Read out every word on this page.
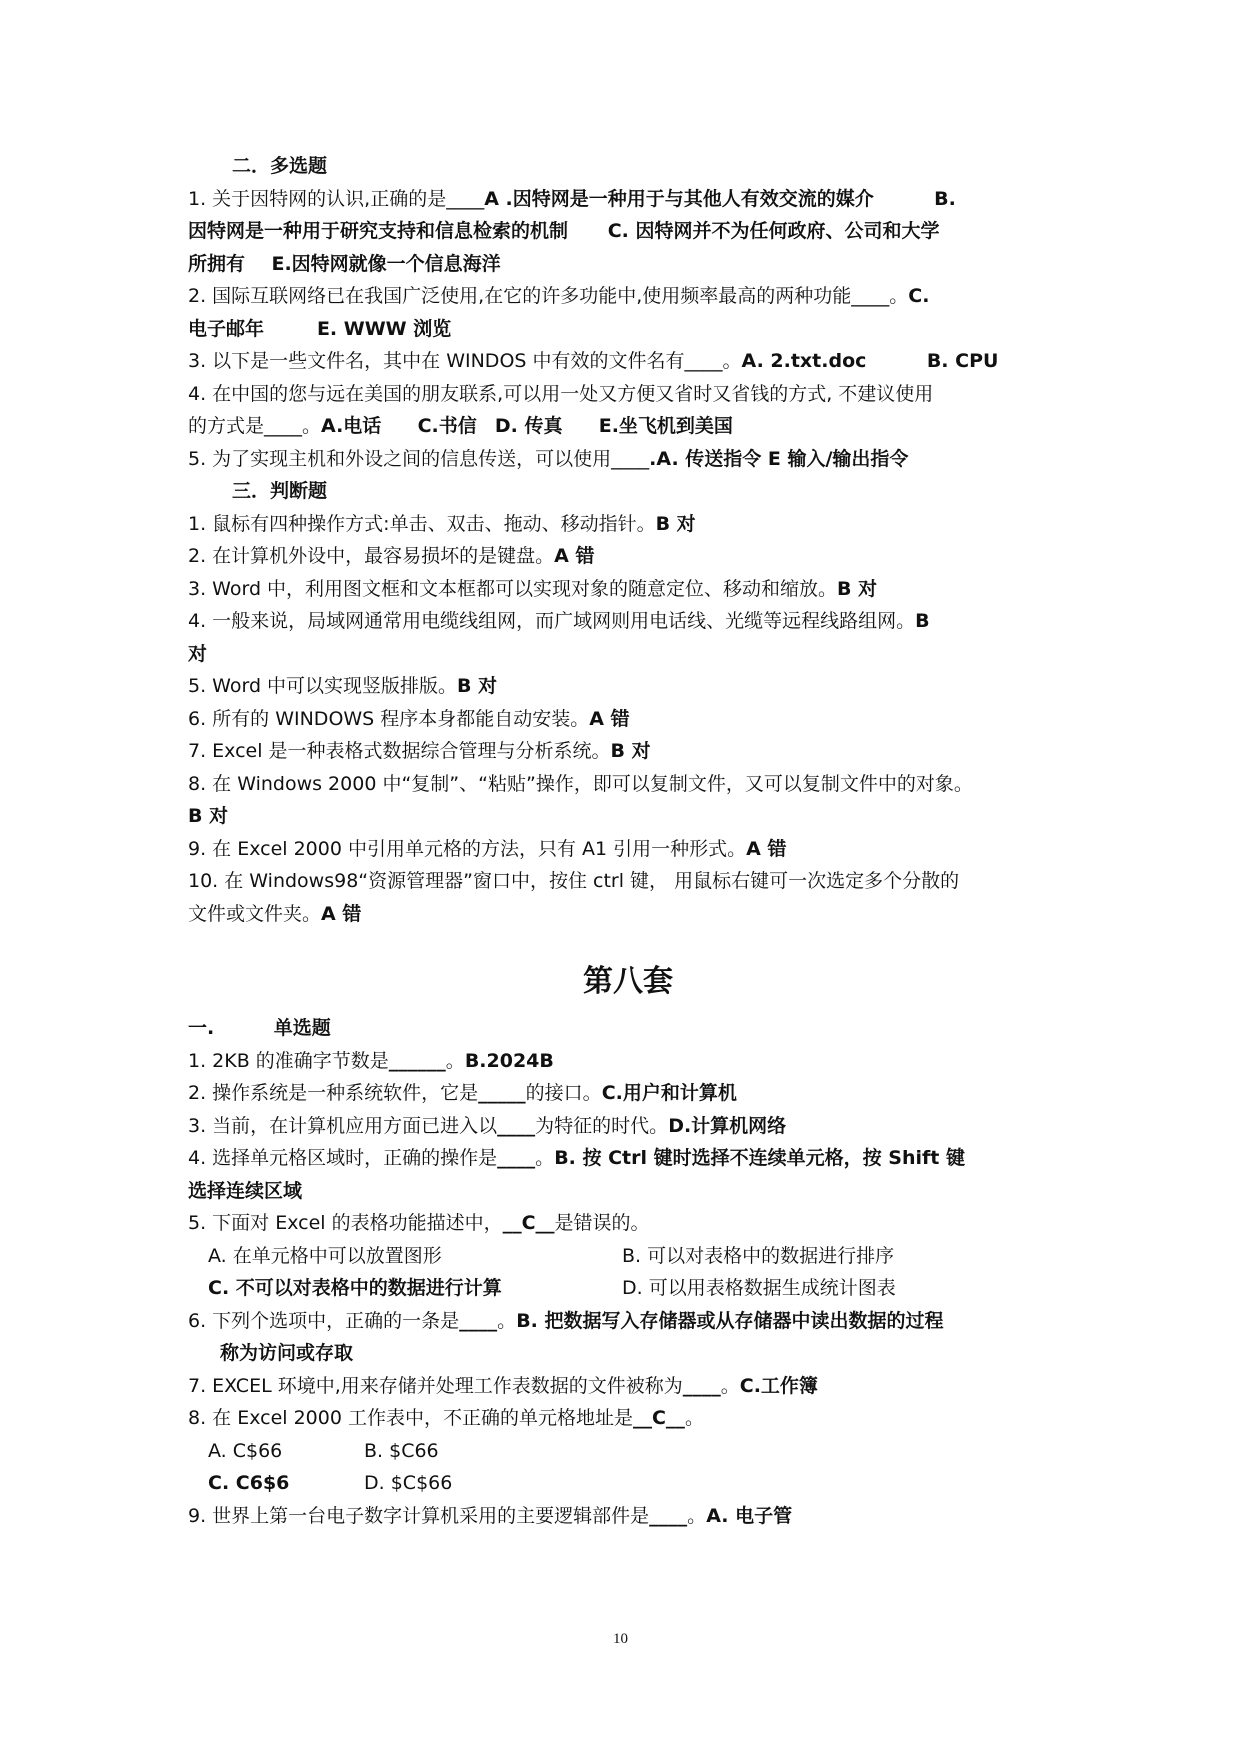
二．多选题
1. 关于因特网的认识,正确的是____A .因特网是一种用于与其他人有效交流的媒介	B.
因特网是一种用于研究支持和信息检索的机制 C. 因特网并不为任何政府、公司和大学
所拥有 E.因特网就像一个信息海洋
2. 国际互联网络已在我国广泛使用,在它的许多功能中,使用频率最高的两种功能____。C.
电子邮年	E. WWW 浏览
3. 以下是一些文件名，其中在 WINDOS 中有效的文件名有____。A. 2.txt.doc	B. CPU
4. 在中国的您与远在美国的朋友联系,可以用一处又方便又省时又省钱的方式, 不建议使用
的方式是____。A.电话 C.书信 D. 传真 E.坐飞机到美国
5. 为了实现主机和外设之间的信息传送，可以使用____.A. 传送指令 E 输入/输出指令
三．判断题
1. 鼠标有四种操作方式:单击、双击、拖动、移动指针。B 对
2. 在计算机外设中，最容易损坏的是键盘。A 错
3. Word 中，利用图文框和文本框都可以实现对象的随意定位、移动和缩放。B 对
4. 一般来说，局域网通常用电缆线组网，而广域网则用电话线、光缆等远程线路组网。B
对
5. Word 中可以实现竖版排版。B 对
6. 所有的 WINDOWS 程序本身都能自动安装。A 错
7. Excel 是一种表格式数据综合管理与分析系统。B 对
8. 在 Windows 2000 中“复制”、“粘贴”操作，即可以复制文件，又可以复制文件中的对象。
B 对
9. 在 Excel 2000 中引用单元格的方法，只有 A1 引用一种形式。A 错
10. 在 Windows98“资源管理器”窗口中，按住 ctrl 键， 用鼠标右键可一次选定多个分散的
文件或文件夹。A 错
第八套
一.	单选题
1. 2KB 的准确字节数是______。B.2024B
2. 操作系统是一种系统软件，它是_____的接口。C.用户和计算机
3. 当前，在计算机应用方面已进入以____为特征的时代。D.计算机网络
4. 选择单元格区域时，正确的操作是____。B. 按 Ctrl 键时选择不连续单元格，按 Shift 键
选择连续区域
5. 下面对 Excel 的表格功能描述中，__C__是错误的。
A. 在单元格中可以放置图形	B. 可以对表格中的数据进行排序
C. 不可以对表格中的数据进行计算	D. 可以用表格数据生成统计图表
6. 下列个选项中，正确的一条是____。B. 把数据写入存储器或从存储器中读出数据的过程
称为访问或存取
7. EXCEL 环境中,用来存储并处理工作表数据的文件被称为____。C.工作簿
8. 在 Excel 2000 工作表中，不正确的单元格地址是__C__。
A. C$66	B. $C66
C. C6$6	D. $C$66
9. 世界上第一台电子数字计算机采用的主要逻辑部件是____。A. 电子管
10
